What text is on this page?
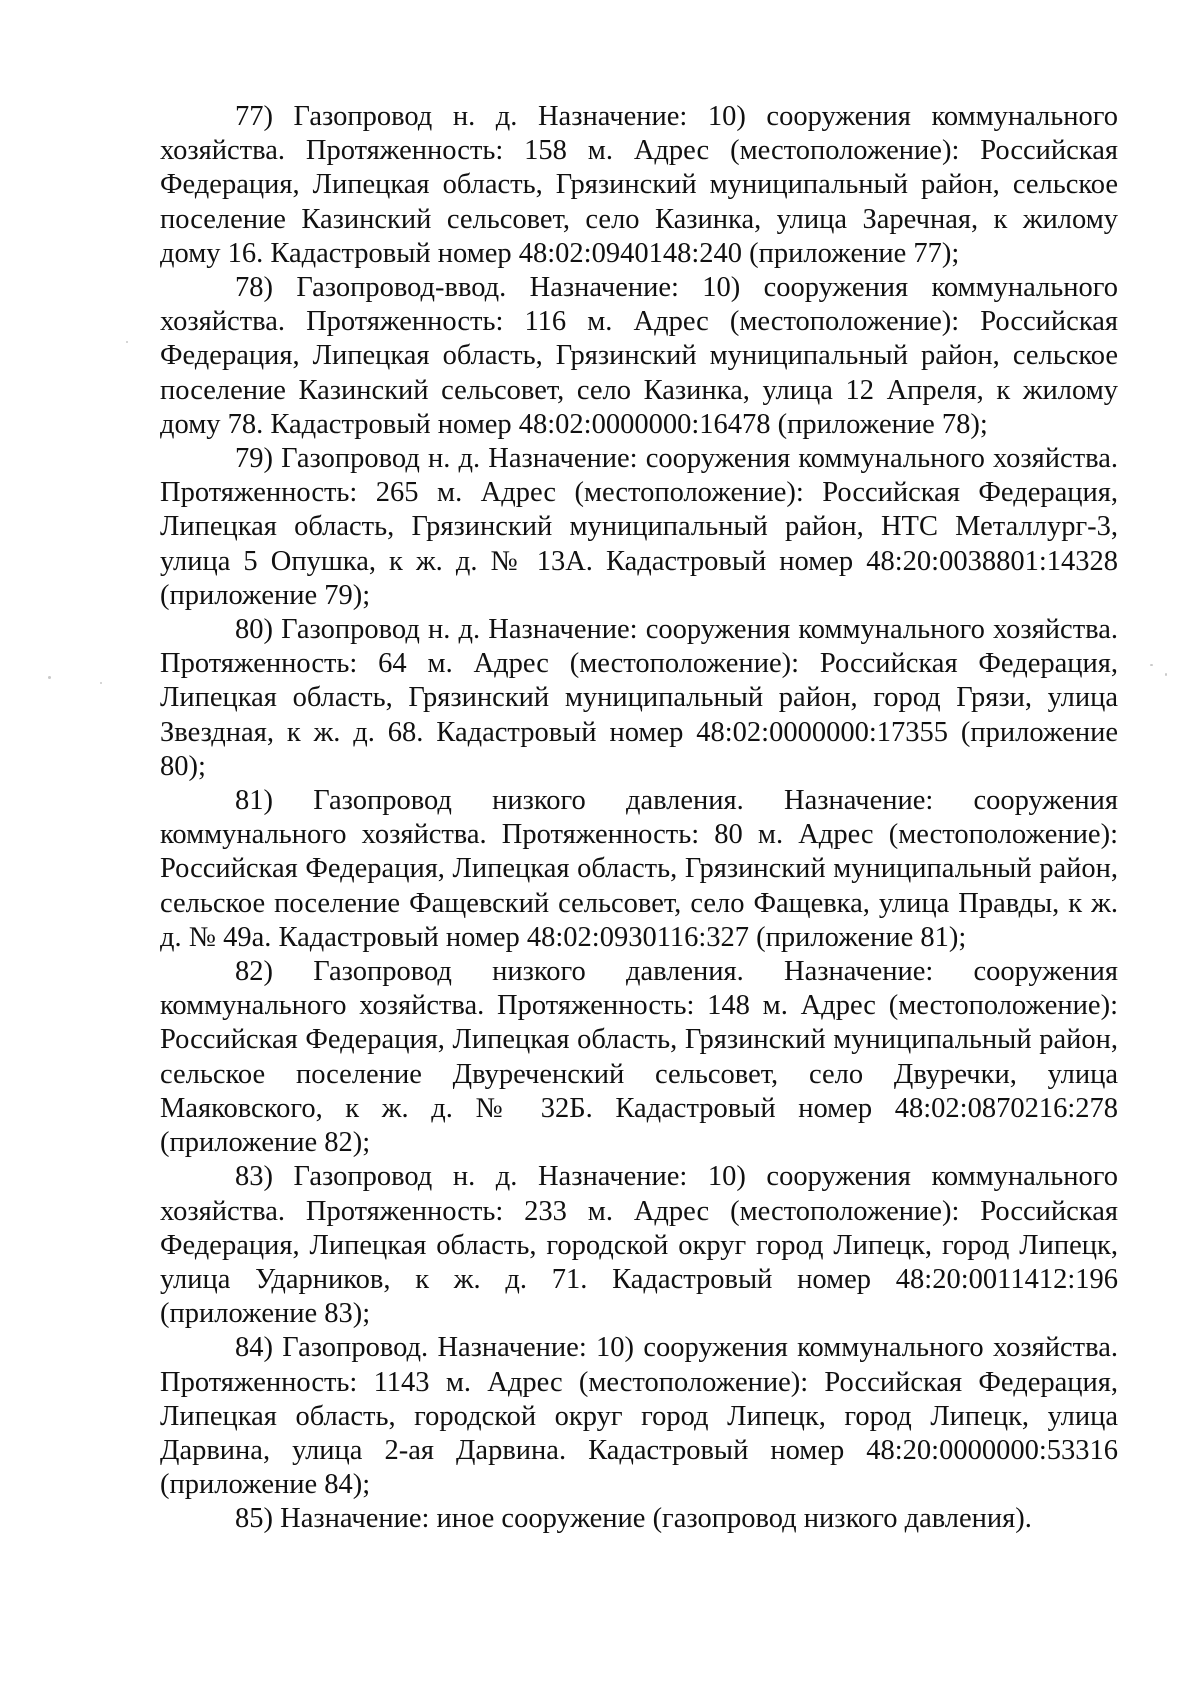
77) Газопровод н. д. Назначение: 10) сооружения коммунального хозяйства. Протяженность: 158 м. Адрес (местоположение): Российская Федерация, Липецкая область, Грязинский муниципальный район, сельское поселение Казинский сельсовет, село Казинка, улица Заречная, к жилому дому 16. Кадастровый номер 48:02:0940148:240 (приложение 77);

78) Газопровод-ввод. Назначение: 10) сооружения коммунального хозяйства. Протяженность: 116 м. Адрес (местоположение): Российская Федерация, Липецкая область, Грязинский муниципальный район, сельское поселение Казинский сельсовет, село Казинка, улица 12 Апреля, к жилому дому 78. Кадастровый номер 48:02:0000000:16478 (приложение 78);

79) Газопровод н. д. Назначение: сооружения коммунального хозяйства. Протяженность: 265 м. Адрес (местоположение): Российская Федерация, Липецкая область, Грязинский муниципальный район, НТС Металлург-3, улица 5 Опушка, к ж. д. № 13А. Кадастровый номер 48:20:0038801:14328 (приложение 79);

80) Газопровод н. д. Назначение: сооружения коммунального хозяйства. Протяженность: 64 м. Адрес (местоположение): Российская Федерация, Липецкая область, Грязинский муниципальный район, город Грязи, улица Звездная, к ж. д. 68. Кадастровый номер 48:02:0000000:17355 (приложение 80);

81) Газопровод низкого давления. Назначение: сооружения коммунального хозяйства. Протяженность: 80 м. Адрес (местоположение): Российская Федерация, Липецкая область, Грязинский муниципальный район, сельское поселение Фащевский сельсовет, село Фащевка, улица Правды, к ж. д. № 49а. Кадастровый номер 48:02:0930116:327 (приложение 81);

82) Газопровод низкого давления. Назначение: сооружения коммунального хозяйства. Протяженность: 148 м. Адрес (местоположение): Российская Федерация, Липецкая область, Грязинский муниципальный район, сельское поселение Двуреченский сельсовет, село Двуречки, улица Маяковского, к ж. д. № 32Б. Кадастровый номер 48:02:0870216:278 (приложение 82);

83) Газопровод н. д. Назначение: 10) сооружения коммунального хозяйства. Протяженность: 233 м. Адрес (местоположение): Российская Федерация, Липецкая область, городской округ город Липецк, город Липецк, улица Ударников, к ж. д. 71. Кадастровый номер 48:20:0011412:196 (приложение 83);

84) Газопровод. Назначение: 10) сооружения коммунального хозяйства. Протяженность: 1143 м. Адрес (местоположение): Российская Федерация, Липецкая область, городской округ город Липецк, город Липецк, улица Дарвина, улица 2-ая Дарвина. Кадастровый номер 48:20:0000000:53316 (приложение 84);

85) Назначение: иное сооружение (газопровод низкого давления).
